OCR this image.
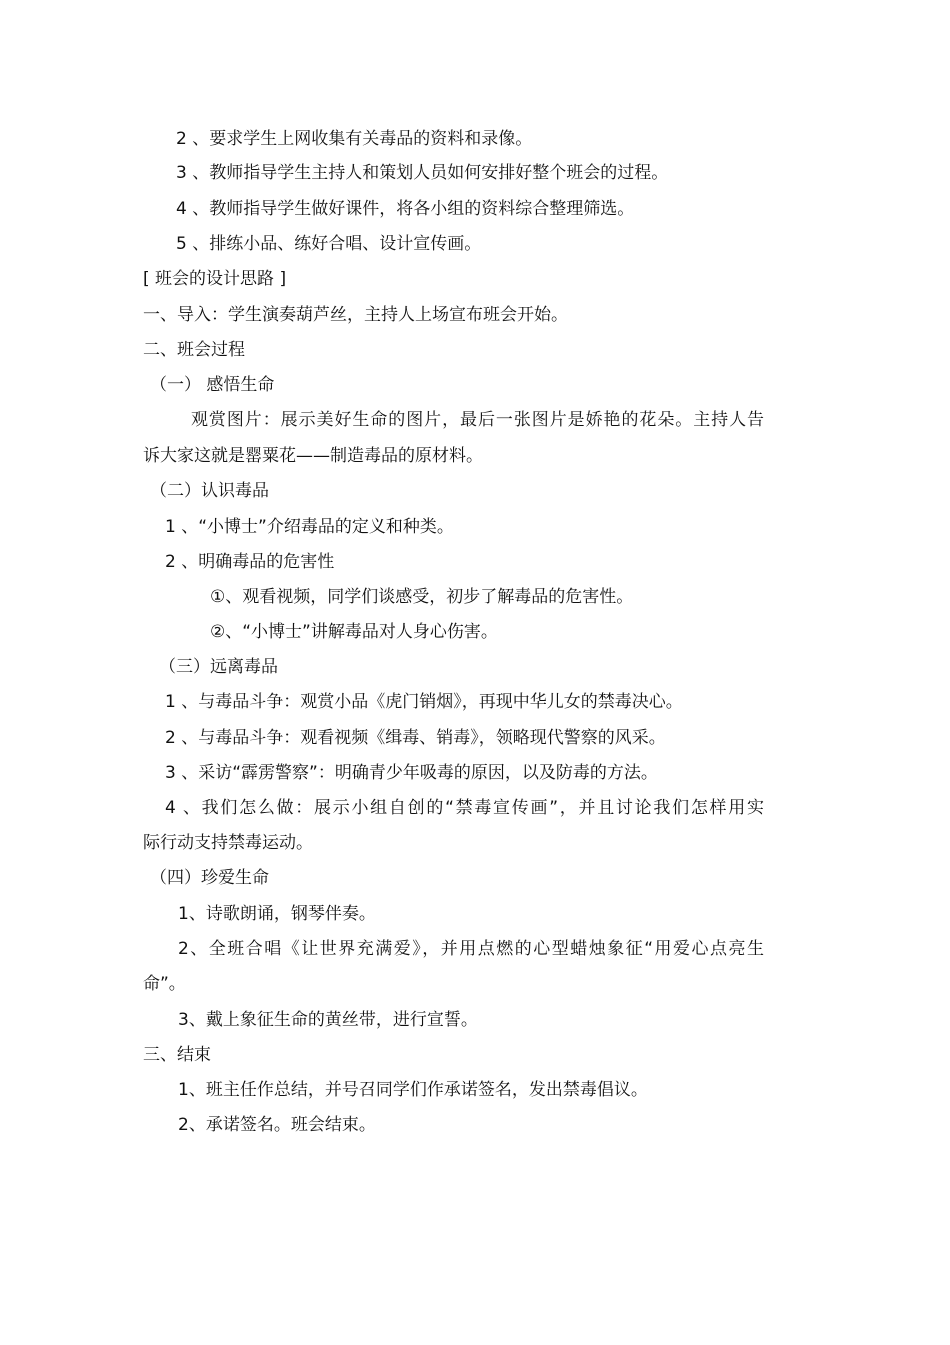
2 、要求学生上网收集有关毒品的资料和录像。
3 、教师指导学生主持人和策划人员如何安排好整个班会的过程。
4 、教师指导学生做好课件，将各小组的资料综合整理筛选。
5 、排练小品、练好合唱、设计宣传画。
[ 班会的设计思路 ]
一、导入：学生演奏葫芦丝，主持人上场宣布班会开始。
二、班会过程
（一） 感悟生命
观赏图片：展示美好生命的图片，最后一张图片是娇艳的花朵。主持人告
诉大家这就是罂粟花——制造毒品的原材料。
（二）认识毒品
1 、“小博士”介绍毒品的定义和种类。
2 、明确毒品的危害性
①、观看视频，同学们谈感受，初步了解毒品的危害性。
②、“小博士”讲解毒品对人身心伤害。
（三）远离毒品
1 、与毒品斗争：观赏小品《虎门销烟》，再现中华儿女的禁毒决心。
2 、与毒品斗争：观看视频《缉毒、销毒》，领略现代警察的风采。
3 、采访“霹雳警察”：明确青少年吸毒的原因，以及防毒的方法。
4 、我们怎么做：展示小组自创的“禁毒宣传画”，并且讨论我们怎样用实
际行动支持禁毒运动。
（四）珍爱生命
1、诗歌朗诵，钢琴伴奏。
2、全班合唱《让世界充满爱》，并用点燃的心型蜡烛象征“用爱心点亮生
命”。
3、戴上象征生命的黄丝带，进行宣誓。
三、结束
1、班主任作总结，并号召同学们作承诺签名，发出禁毒倡议。
2、承诺签名。班会结束。
